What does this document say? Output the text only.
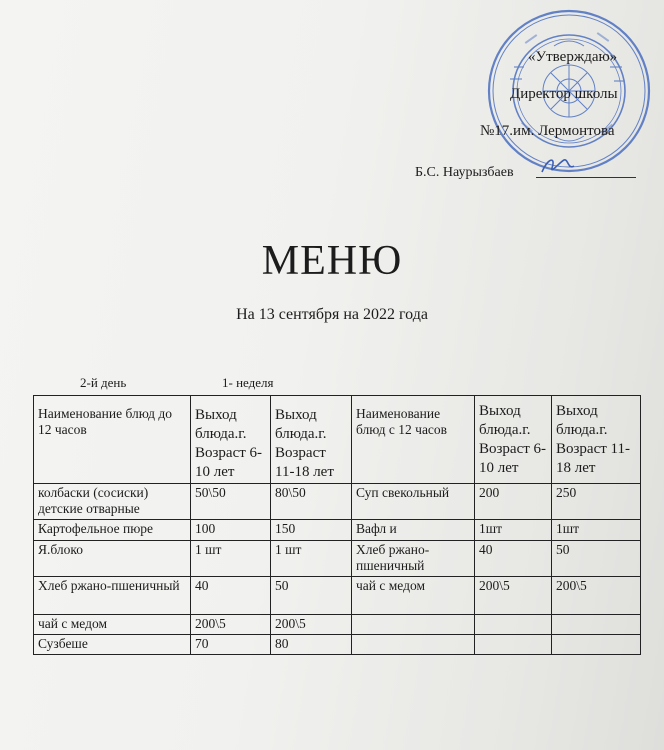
«Утверждаю»
Директор школы
№17.им. Лермонтова
Б.С. Наурызбаев
МЕНЮ
На 13 сентября на 2022 года
2-й день	1- неделя
Наименование блюд до 12 часов	Выход блюда.г. Возраст 6-10 лет	Выход блюда.г. Возраст 11-18 лет	Наименование блюд с 12 часов	Выход блюда.г. Возраст 6-10 лет	Выход блюда.г. Возраст 11-18 лет
колбаски (сосиски) детские отварные	50\50	80\50	Суп свекольный	200	250
Картофельное пюре	100	150	Вафл и	1шт	1шт
Я.блоко	1 шт	1 шт	Хлеб ржано-пшеничный	40	50
Хлеб ржано-пшеничный	40	50	чай с медом	200\5	200\5
чай с медом	200\5	200\5			
Сузбеше	70	80			
